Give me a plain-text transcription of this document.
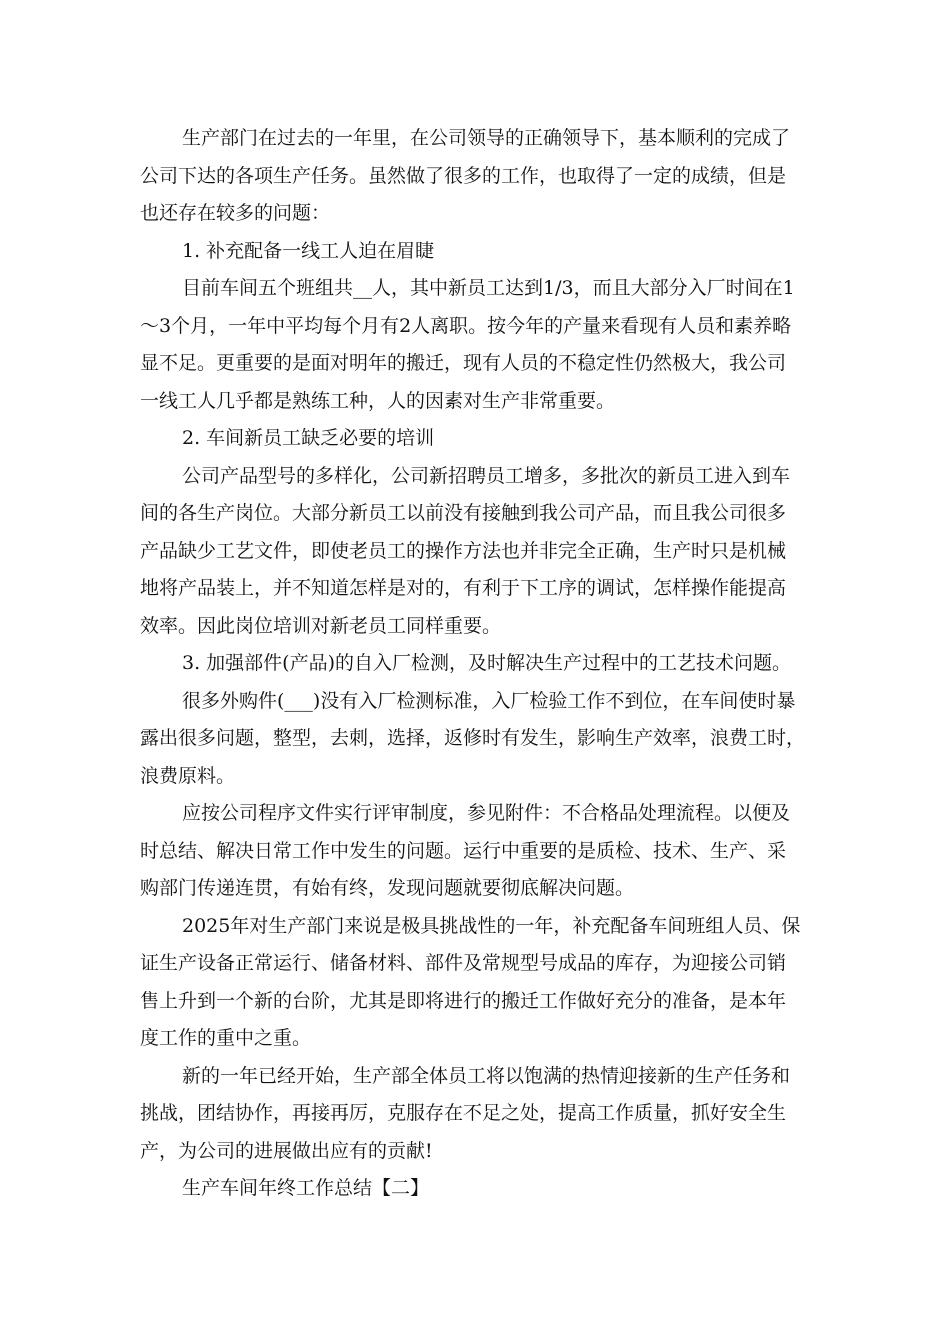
生产部门在过去的一年里，在公司领导的正确领导下，基本顺利的完成了
公司下达的各项生产任务。虽然做了很多的工作，也取得了一定的成绩，但是
也还存在较多的问题：
1. 补充配备一线工人迫在眉睫
目前车间五个班组共__人，其中新员工达到1/3，而且大部分入厂时间在1
～3个月，一年中平均每个月有2人离职。按今年的产量来看现有人员和素养略
显不足。更重要的是面对明年的搬迁，现有人员的不稳定性仍然极大，我公司
一线工人几乎都是熟练工种，人的因素对生产非常重要。
2. 车间新员工缺乏必要的培训
公司产品型号的多样化，公司新招聘员工增多，多批次的新员工进入到车
间的各生产岗位。大部分新员工以前没有接触到我公司产品，而且我公司很多
产品缺少工艺文件，即使老员工的操作方法也并非完全正确，生产时只是机械
地将产品装上，并不知道怎样是对的，有利于下工序的调试，怎样操作能提高
效率。因此岗位培训对新老员工同样重要。
3. 加强部件(产品)的自入厂检测，及时解决生产过程中的工艺技术问题。
很多外购件(___)没有入厂检测标准，入厂检验工作不到位，在车间使时暴
露出很多问题，整型，去刺，选择，返修时有发生，影响生产效率，浪费工时，
浪费原料。
应按公司程序文件实行评审制度，参见附件：不合格品处理流程。以便及
时总结、解决日常工作中发生的问题。运行中重要的是质检、技术、生产、采
购部门传递连贯，有始有终，发现问题就要彻底解决问题。
2025年对生产部门来说是极具挑战性的一年，补充配备车间班组人员、保
证生产设备正常运行、储备材料、部件及常规型号成品的库存，为迎接公司销
售上升到一个新的台阶，尤其是即将进行的搬迁工作做好充分的准备，是本年
度工作的重中之重。
新的一年已经开始，生产部全体员工将以饱满的热情迎接新的生产任务和
挑战，团结协作，再接再厉，克服存在不足之处，提高工作质量，抓好安全生
产，为公司的进展做出应有的贡献!
生产车间年终工作总结【二】
